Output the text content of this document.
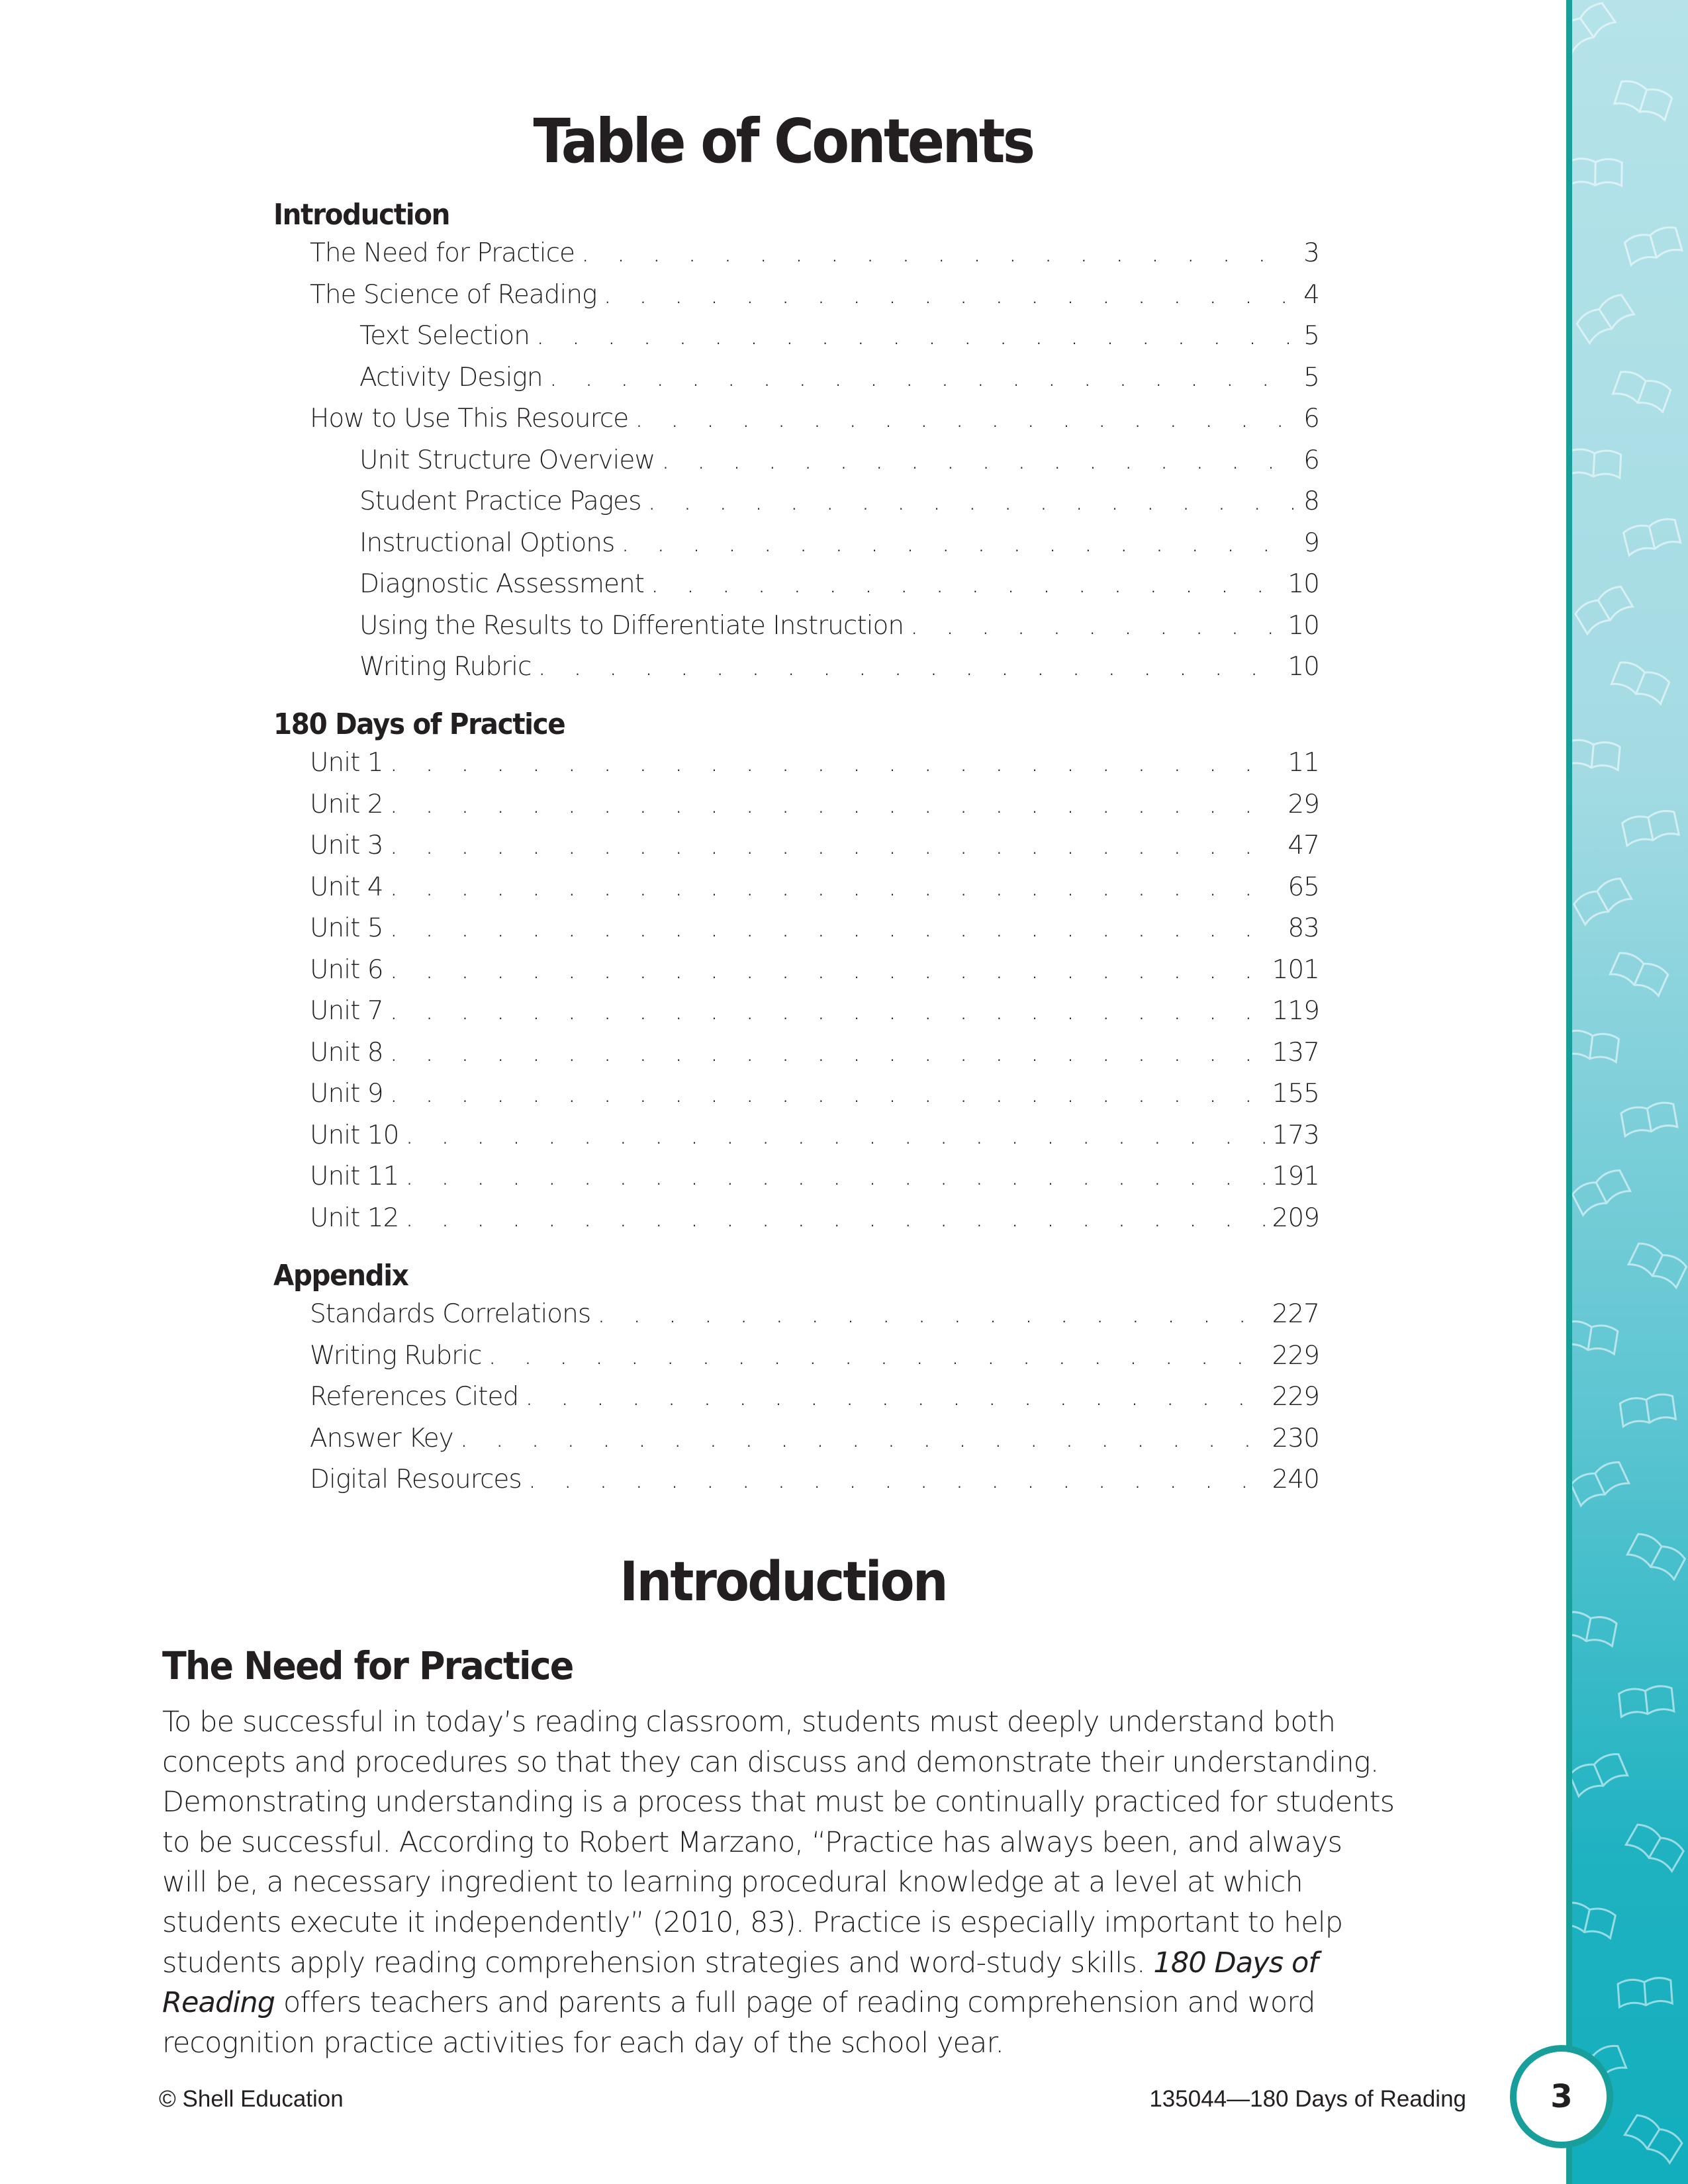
Table of Contents
Introduction
The Need for Practice . . .	3
The Science of Reading . . .	4
Text Selection . . .	5
Activity Design . . .	5
How to Use This Resource . . .	6
Unit Structure Overview . . .	6
Student Practice Pages . . .	8
Instructional Options . . .	9
Diagnostic Assessment . . .	10
Using the Results to Differentiate Instruction . . .	10
Writing Rubric . . .	10
180 Days of Practice
Unit 1 . . .	11
Unit 2 . . .	29
Unit 3 . . .	47
Unit 4 . . .	65
Unit 5 . . .	83
Unit 6 . . .	101
Unit 7 . . .	119
Unit 8 . . .	137
Unit 9 . . .	155
Unit 10 . . .	173
Unit 11 . . .	191
Unit 12 . . .	209
Appendix
Standards Correlations . . .	227
Writing Rubric . . .	229
References Cited . . .	229
Answer Key . . .	230
Digital Resources . . .	240
Introduction
The Need for Practice
To be successful in today’s reading classroom, students must deeply understand both
concepts and procedures so that they can discuss and demonstrate their understanding.
Demonstrating understanding is a process that must be continually practiced for students
to be successful. According to Robert Marzano, “Practice has always been, and always
will be, a necessary ingredient to learning procedural knowledge at a level at which
students execute it independently” (2010, 83). Practice is especially important to help
students apply reading comprehension strategies and word-study skills. 180 Days of
Reading offers teachers and parents a full page of reading comprehension and word
recognition practice activities for each day of the school year.
© Shell Education	135044—180 Days of Reading	3
